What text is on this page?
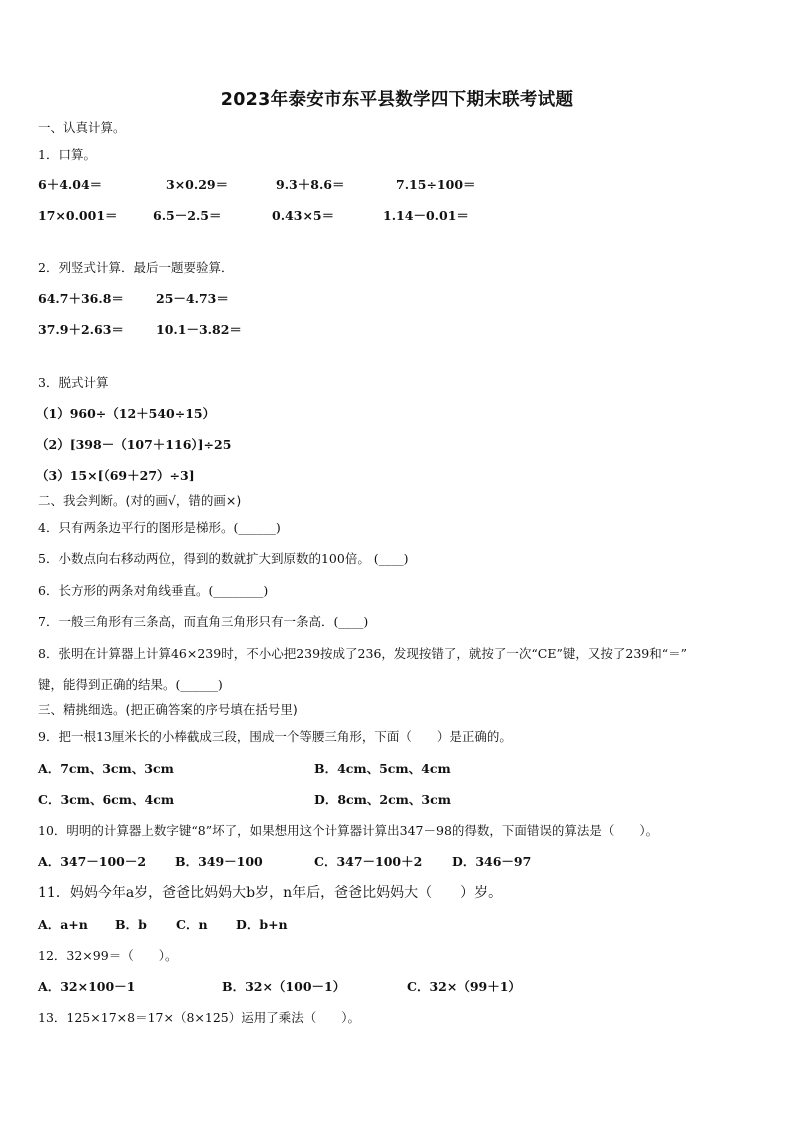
2023年泰安市东平县数学四下期末联考试题
一、认真计算。
1．口算。
6＋4.04＝	3×0.29＝	9.3＋8.6＝	7.15÷100＝
17×0.001＝	6.5－2.5＝	0.43×5＝	1.14－0.01＝
2．列竖式计算．最后一题要验算．
64.7＋36.8＝	25－4.73＝
37.9＋2.63＝	10.1－3.82＝
3．脱式计算
（1）960÷（12＋540÷15）
（2）[398－（107＋116）]÷25
（3）15×[（69＋27）÷3]
二、我会判断。(对的画√，错的画×)
4．只有两条边平行的图形是梯形。(______)
5．小数点向右移动两位，得到的数就扩大到原数的100倍。 (____)
6．长方形的两条对角线垂直。(________)
7．一般三角形有三条高，而直角三角形只有一条高．(____)
8．张明在计算器上计算46×239时，不小心把239按成了236，发现按错了，就按了一次“CE”键，又按了239和“＝”
键，能得到正确的结果。(______)
三、精挑细选。(把正确答案的序号填在括号里)
9．把一根13厘米长的小棒截成三段，围成一个等腰三角形，下面（　　）是正确的。
A．7cm、3cm、3cm	B．4cm、5cm、4cm
C．3cm、6cm、4cm	D．8cm、2cm、3cm
10．明明的计算器上数字键“8”坏了，如果想用这个计算器计算出347－98的得数，下面错误的算法是（　　）。
A．347－100－2 B．349－100	C．347－100＋2 D．346－97
11．妈妈今年a岁，爸爸比妈妈大b岁，n年后，爸爸比妈妈大（　　）岁。
A．a+n B．b C．n D．b+n
12．32×99＝（　　）。
A．32×100－1	B．32×（100－1）	C．32×（99＋1）
13．125×17×8＝17×（8×125）运用了乘法（　　）。
